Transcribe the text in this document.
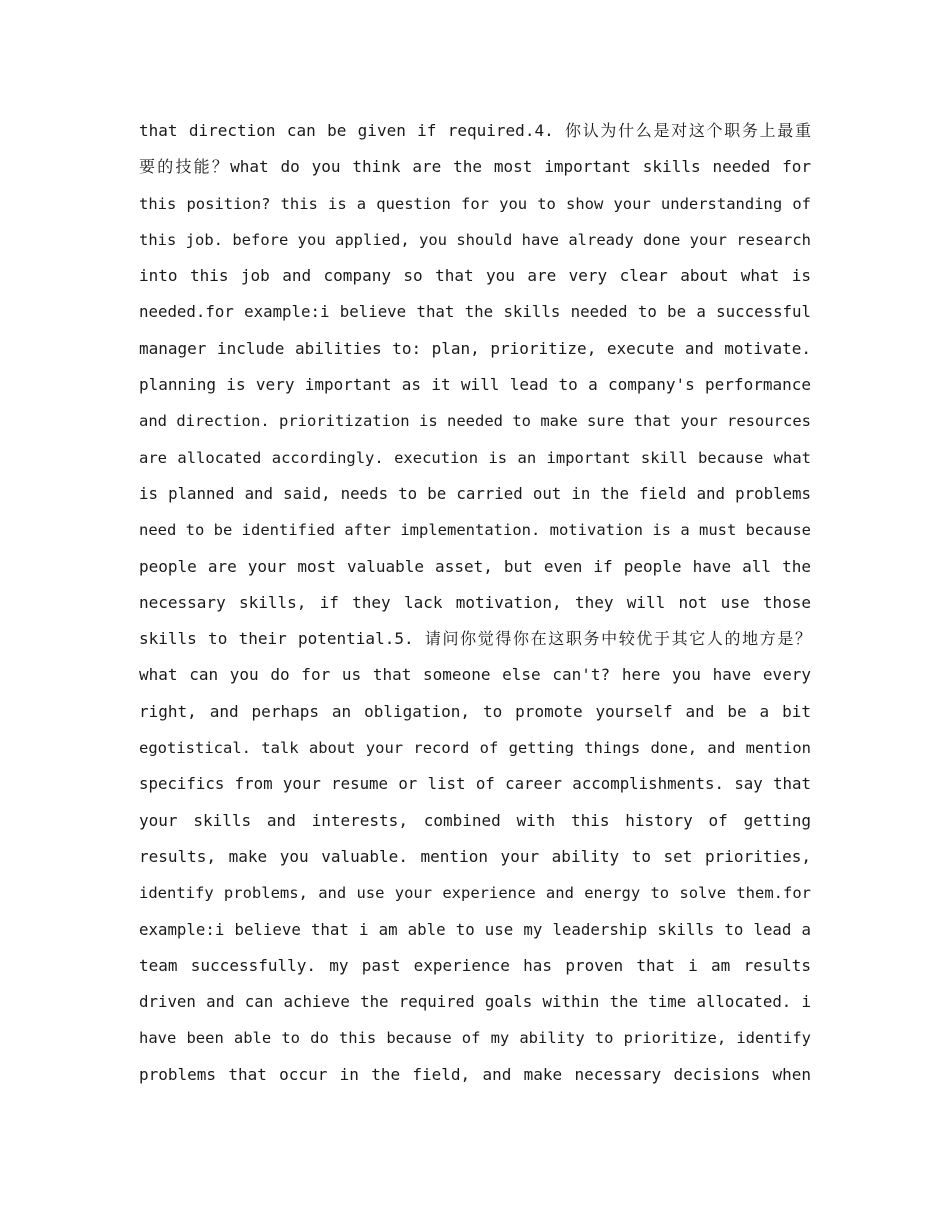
that direction can be given if required.4. 你认为什么是对这个职务上最重
要的技能？what do you think are the most important skills needed for
this position? this is a question for you to show your understanding of
this job. before you applied, you should have already done your research
into this job and company so that you are very clear about what is
needed.for example:i believe that the skills needed to be a successful
manager include abilities to: plan, prioritize, execute and motivate.
planning is very important as it will lead to a company's performance
and direction. prioritization is needed to make sure that your resources
are allocated accordingly. execution is an important skill because what
is planned and said, needs to be carried out in the field and problems
need to be identified after implementation. motivation is a must because
people are your most valuable asset, but even if people have all the
necessary skills, if they lack motivation, they will not use those
skills to their potential.5. 请问你觉得你在这职务中较优于其它人的地方是？
what can you do for us that someone else can't? here you have every
right, and perhaps an obligation, to promote yourself and be a bit
egotistical. talk about your record of getting things done, and mention
specifics from your resume or list of career accomplishments. say that
your skills and interests, combined with this history of getting
results, make you valuable. mention your ability to set priorities,
identify problems, and use your experience and energy to solve them.for
example:i believe that i am able to use my leadership skills to lead a
team successfully. my past experience has proven that i am results
driven and can achieve the required goals within the time allocated. i
have been able to do this because of my ability to prioritize, identify
problems that occur in the field, and make necessary decisions when
